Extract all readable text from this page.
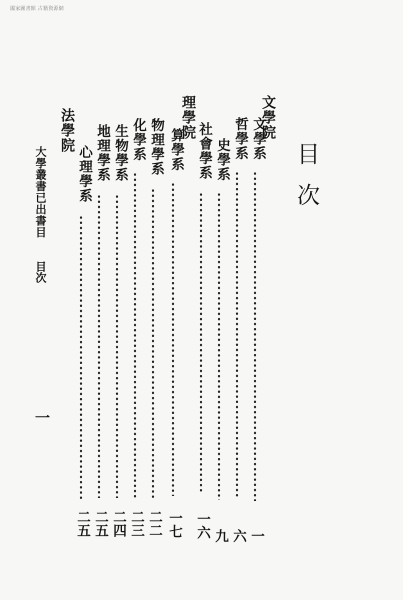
國家圖書館 古籍資源網
目次
文學院
理學院
法學院	文學系
一
哲學系
六
史學系
九
社會學系
一六
算學系
一七
物理學系
二二
化學系
二三
生物學系
二四
地理學系
二五
心理學系
二五
大學叢書已出書目
目次
一
